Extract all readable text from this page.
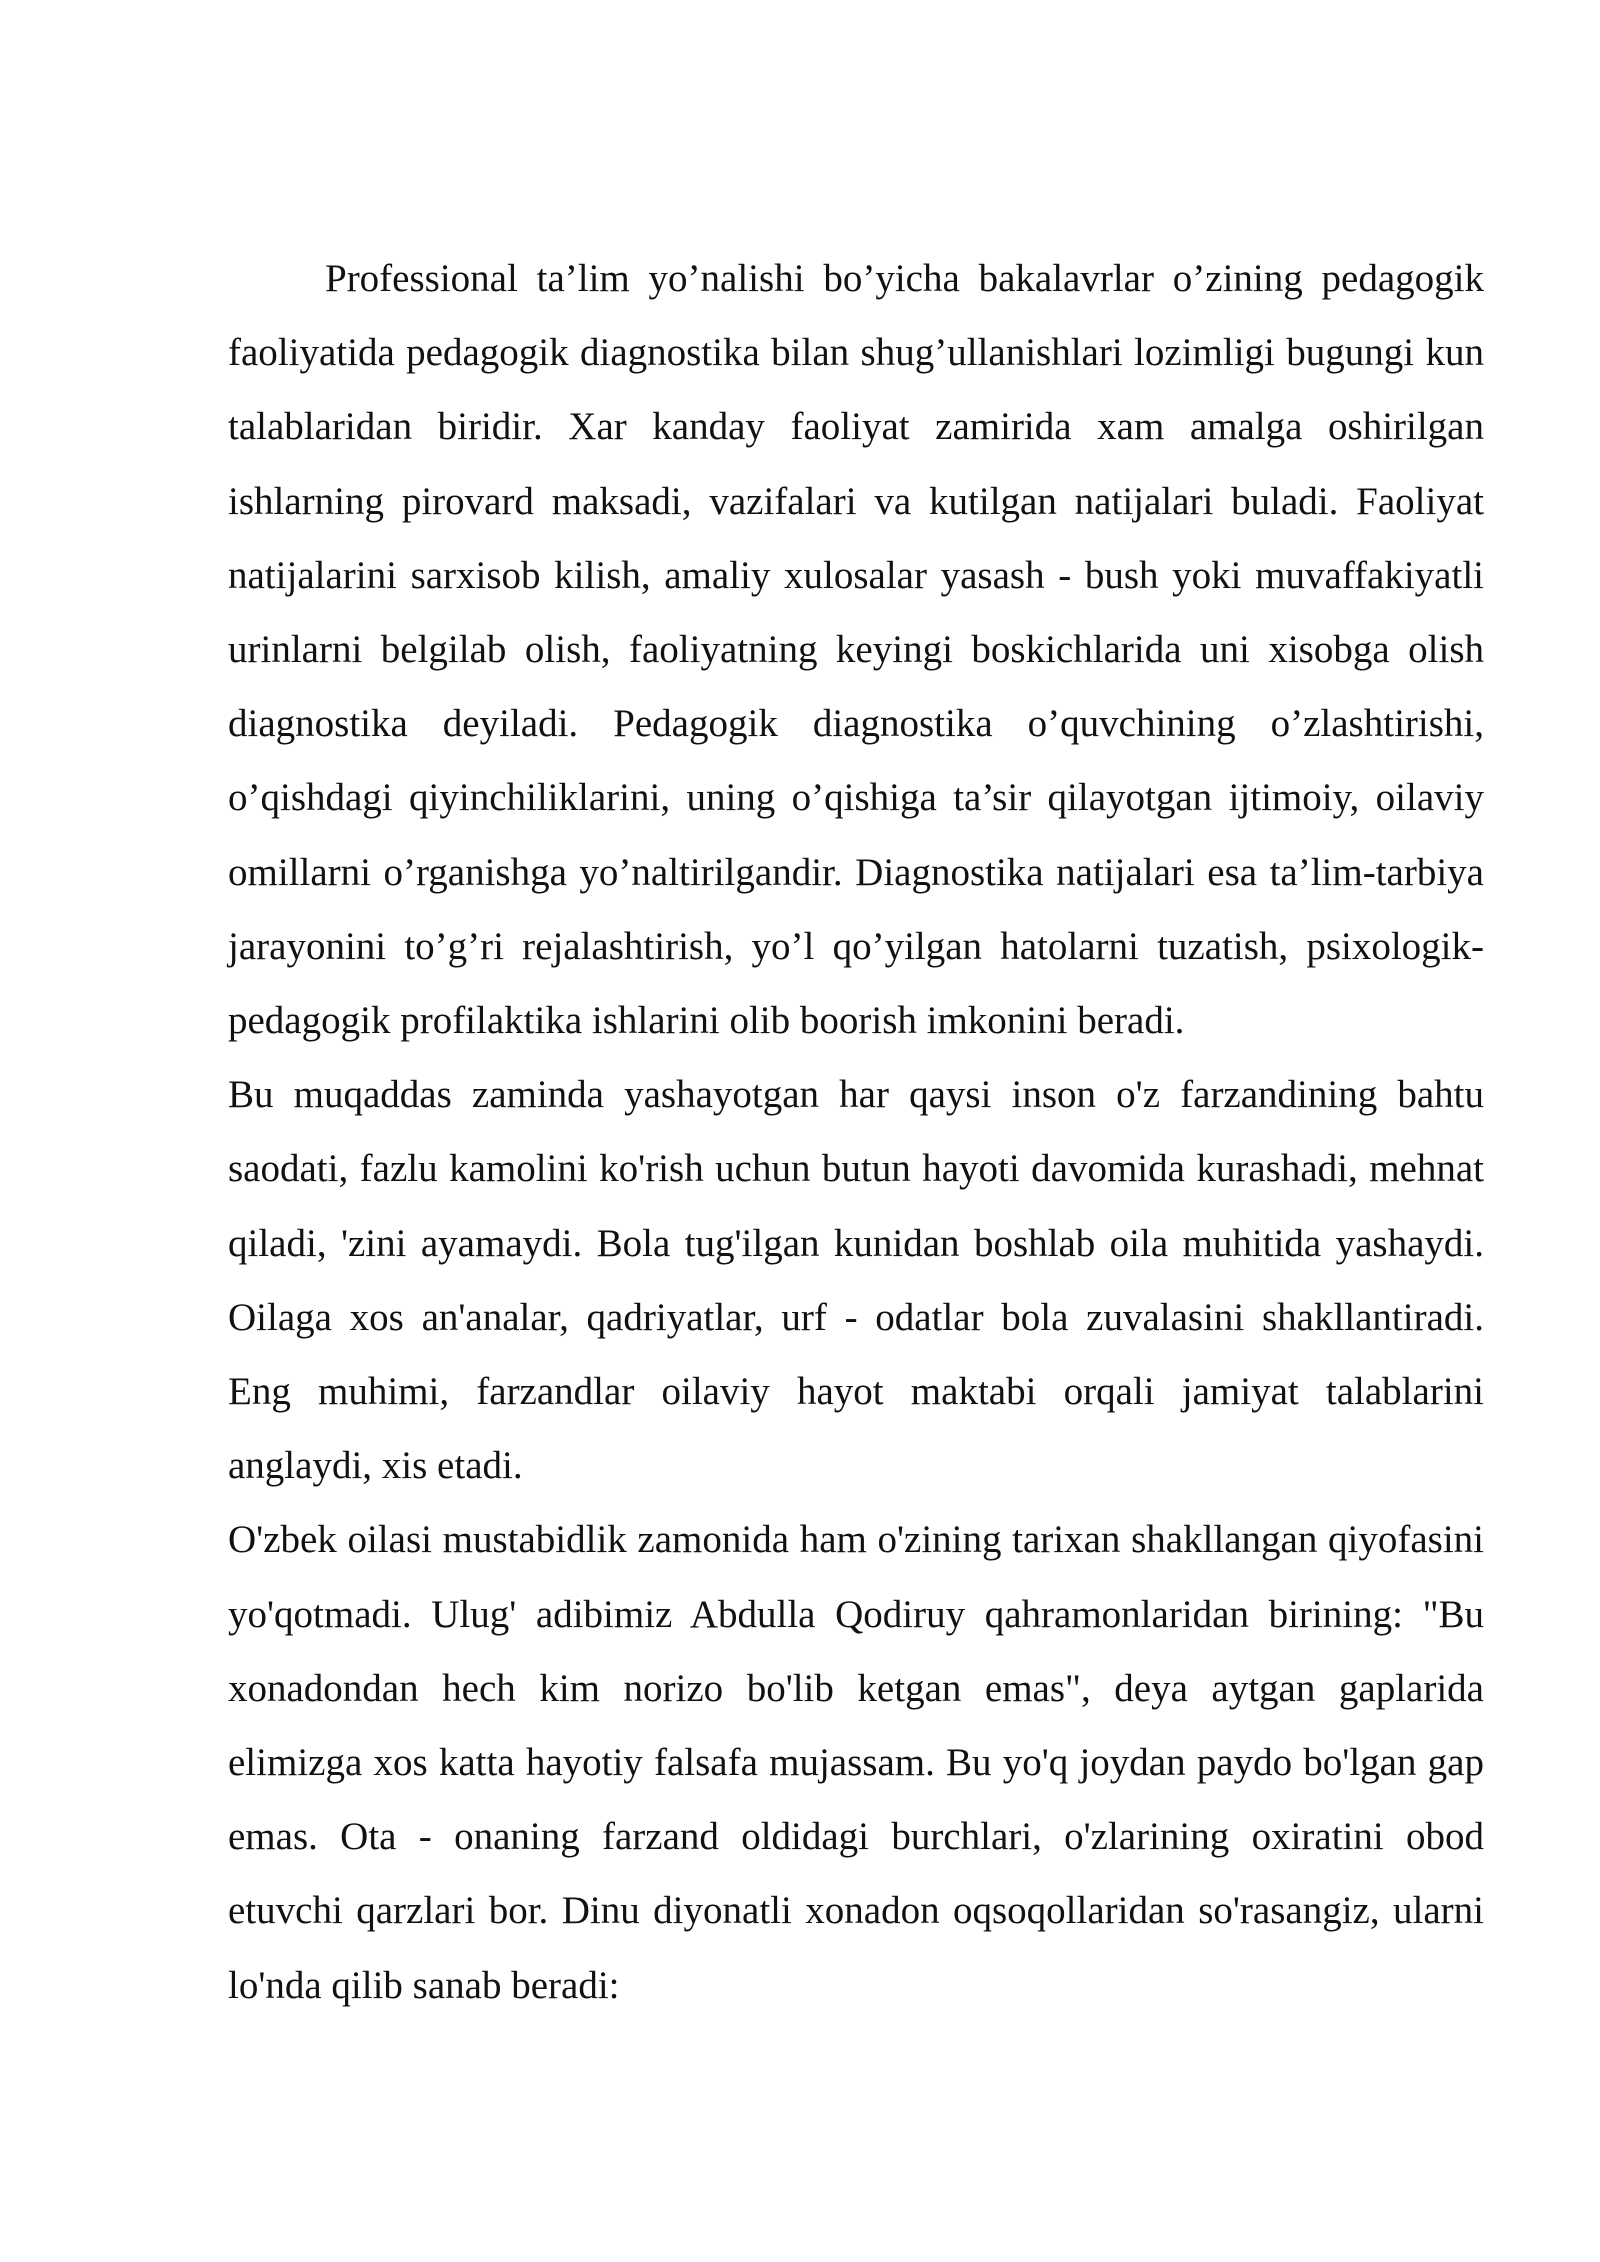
Professional ta’lim yo’nalishi bo’yicha bakalavrlar o’zining pedagogik faoliyatida pedagogik diagnostika bilan shug’ullanishlari lozimligi bugungi kun talablaridan biridir. Xar kanday faoliyat zamirida xam amalga oshirilgan ishlarning pirovard maksadi, vazifalari va kutilgan natijalari buladi. Faoliyat natijalarini sarxisob kilish, amaliy xulosalar yasash - bush yoki muvaffakiyatli urinlarni belgilab olish, faoliyatning keyingi boskichlarida uni xisobga olish diagnostika deyiladi. Pedagogik diagnostika o’quvchining o’zlashtirishi, o’qishdagi qiyinchiliklarini, uning o’qishiga ta’sir qilayotgan ijtimoiy, oilaviy omillarni o’rganishga yo’naltirilgandir. Diagnostika natijalari esa ta’lim-tarbiya jarayonini to’g’ri rejalashtirish, yo’l qo’yilgan hatolarni tuzatish, psixologik-pedagogik profilaktika ishlarini olib boorish imkonini beradi.

Bu muqaddas zaminda yashayotgan har qaysi inson o'z farzandining bahtu saodati, fazlu kamolini ko'rish uchun butun hayoti davomida kurashadi, mehnat qiladi, 'zini ayamaydi. Bola tug'ilgan kunidan boshlab oila muhitida yashaydi. Oilaga xos an'analar, qadriyatlar, urf - odatlar bola zuvalasini shakllantiradi. Eng muhimi, farzandlar oilaviy hayot maktabi orqali jamiyat talablarini anglaydi, xis etadi.

O'zbek oilasi mustabidlik zamonida ham o'zining tarixan shakllangan qiyofasini yo'qotmadi. Ulug' adibimiz Abdulla Qodiruy qahramonlaridan birining: "Bu xonadondan hech kim norizo bo'lib ketgan emas", deya aytgan gaplarida elimizga xos katta hayotiy falsafa mujassam. Bu yo'q joydan paydo bo'lgan gap emas. Ota - onaning farzand oldidagi burchlari, o'zlarining oxiratini obod etuvchi qarzlari bor. Dinu diyonatli xonadon oqsoqollaridan so'rasangiz, ularni lo'nda qilib sanab beradi:
